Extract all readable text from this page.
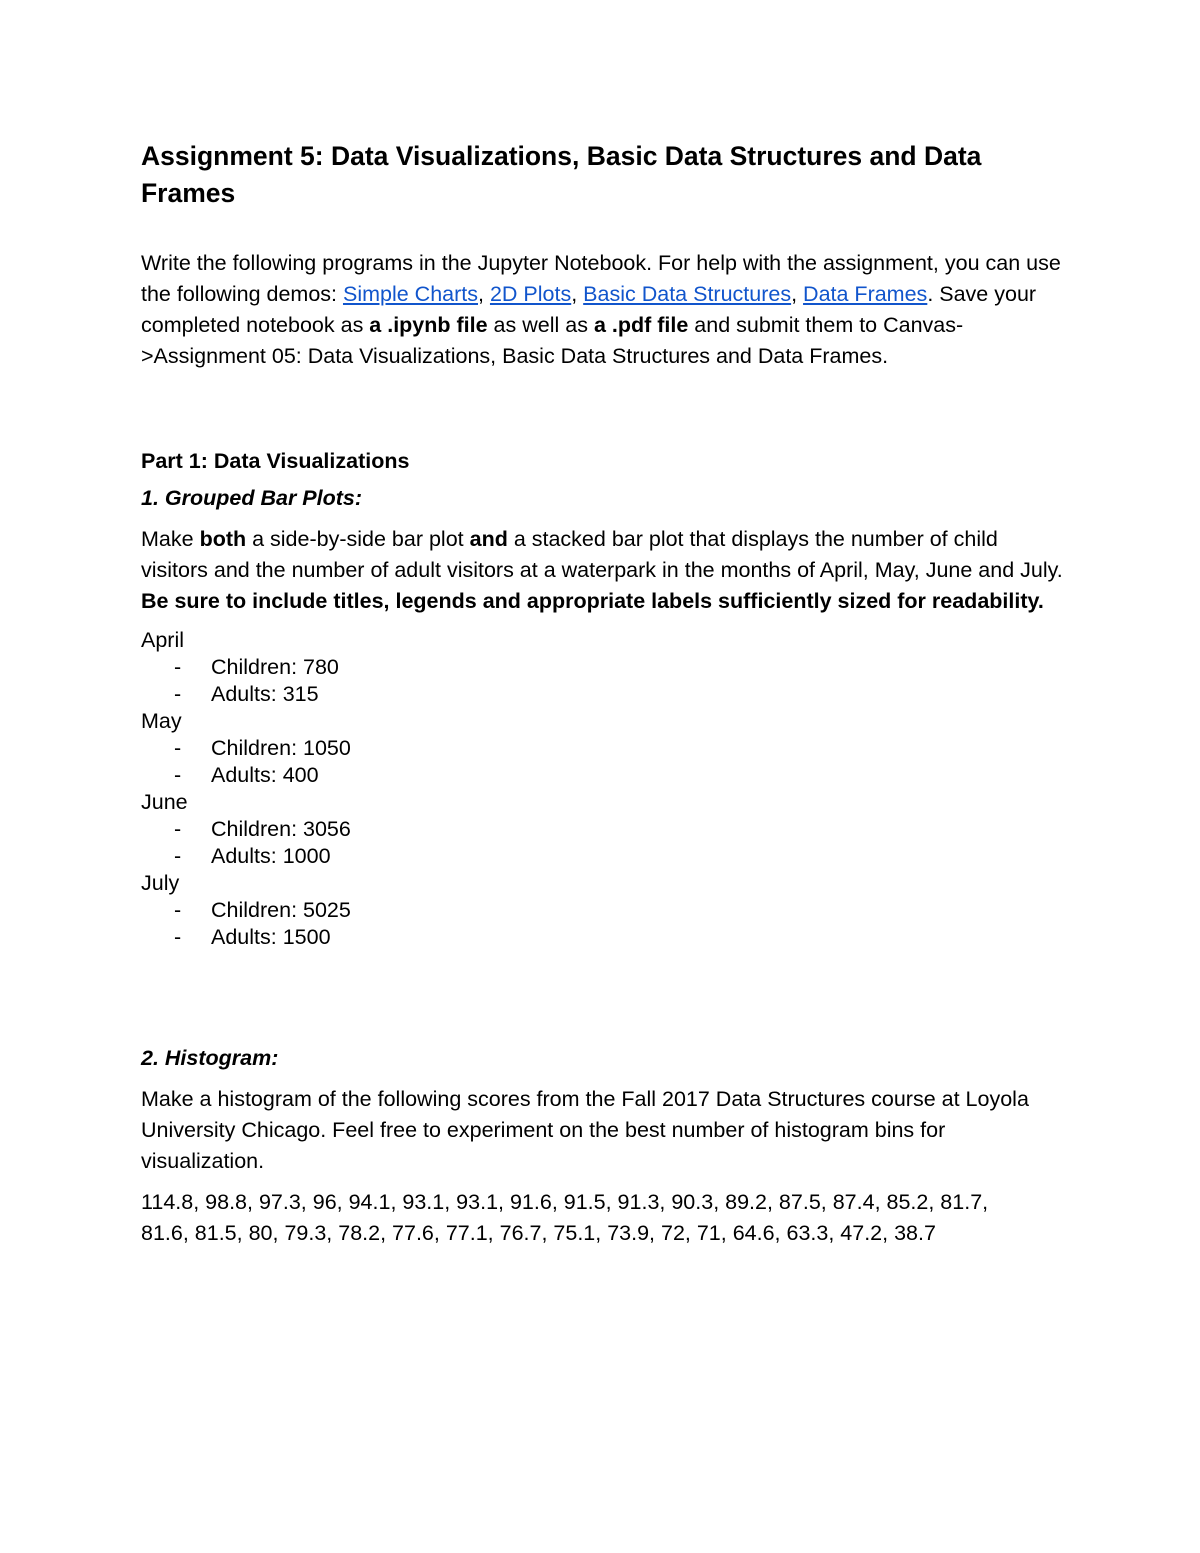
Assignment 5: Data Visualizations, Basic Data Structures and Data Frames

Write the following programs in the Jupyter Notebook. For help with the assignment, you can use the following demos: Simple Charts, 2D Plots, Basic Data Structures, Data Frames. Save your completed notebook as a .ipynb file as well as a .pdf file and submit them to Canvas->Assignment 05: Data Visualizations, Basic Data Structures and Data Frames.

Part 1: Data Visualizations
1. Grouped Bar Plots:

Make both a side-by-side bar plot and a stacked bar plot that displays the number of child visitors and the number of adult visitors at a waterpark in the months of April, May, June and July. Be sure to include titles, legends and appropriate labels sufficiently sized for readability.

April
- Children: 780
- Adults: 315
May
- Children: 1050
- Adults: 400
June
- Children: 3056
- Adults: 1000
July
- Children: 5025
- Adults: 1500
2. Histogram:

Make a histogram of the following scores from the Fall 2017 Data Structures course at Loyola University Chicago. Feel free to experiment on the best number of histogram bins for visualization.

114.8, 98.8, 97.3, 96, 94.1, 93.1, 93.1, 91.6, 91.5, 91.3, 90.3, 89.2, 87.5, 87.4, 85.2, 81.7, 81.6, 81.5, 80, 79.3, 78.2, 77.6, 77.1, 76.7, 75.1, 73.9, 72, 71, 64.6, 63.3, 47.2, 38.7
